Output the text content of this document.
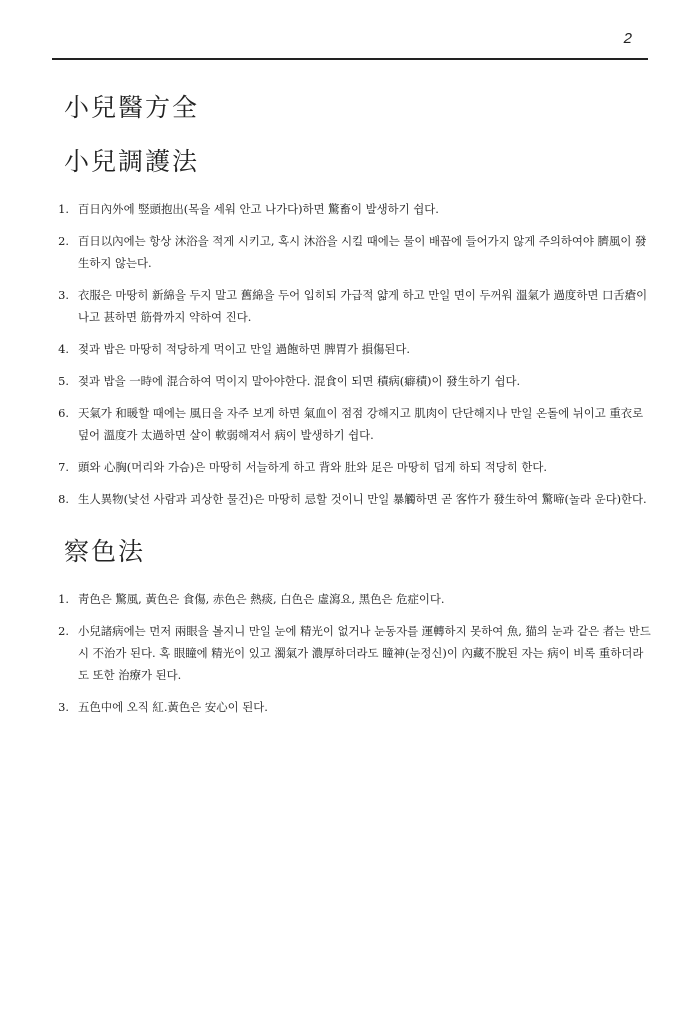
2
小兒醫方全
小兒調護法
1. 百日內外에 竪頭抱出(목을 세워 안고 나가다)하면 驚畜이 발생하기 쉽다.
2. 百日以內에는 항상 沐浴을 적게 시키고, 혹시 沐浴을 시킬 때에는 물이 배꼽에 들어가지 않게 주의하여야 臍風이 發生하지 않는다.
3. 衣服은 마땅히 新綿을 두지 말고 舊綿을 두어 입히되 가급적 얇게 하고 만일 면이 두꺼워 溫氣가 過度하면 口舌瘡이 나고 甚하면 筋骨까지 약하여 진다.
4. 젖과 밥은 마땅히 적당하게 먹이고 만일 過飽하면 脾胃가 損傷된다.
5. 젖과 밥을 一時에 混合하여 먹이지 말아야한다. 混食이 되면 積病(癖積)이 發生하기 쉽다.
6. 天氣가 和暖할 때에는 風日을 자주 보게 하면 氣血이 점점 강해지고 肌肉이 단단해지나 만일 온돌에 뉘이고 重衣로 덮어 溫度가 太過하면 살이 軟弱해져서 病이 발생하기 쉽다.
7. 頭와 心胸(머리와 가슴)은 마땅히 서늘하게 하고 背와 肚와 足은 마땅히 덥게 하되 적당히 한다.
8. 生人異物(낯선 사람과 괴상한 물건)은 마땅히 忌할 것이니 만일 暴觸하면 곧 客忤가 發生하여 驚啼(놀라 운다)한다.
察色法
1. 靑色은 驚風, 黃色은 食傷, 赤色은 熱痰, 白色은 虛瀉요, 黑色은 危症이다.
2. 小兒諸病에는 먼저 兩眼을 볼지니 만일 눈에 精光이 없거나 눈동자를 運轉하지 못하여 魚, 猫의 눈과 같은 者는 반드시 不治가 된다. 혹 眼瞳에 精光이 있고 濁氣가 濃厚하더라도 瞳神(눈정신)이 內藏不脫된 자는 病이 비록 重하더라도 또한 治療가 된다.
3. 五色中에 오직 紅.黃色은 安心이 된다.
